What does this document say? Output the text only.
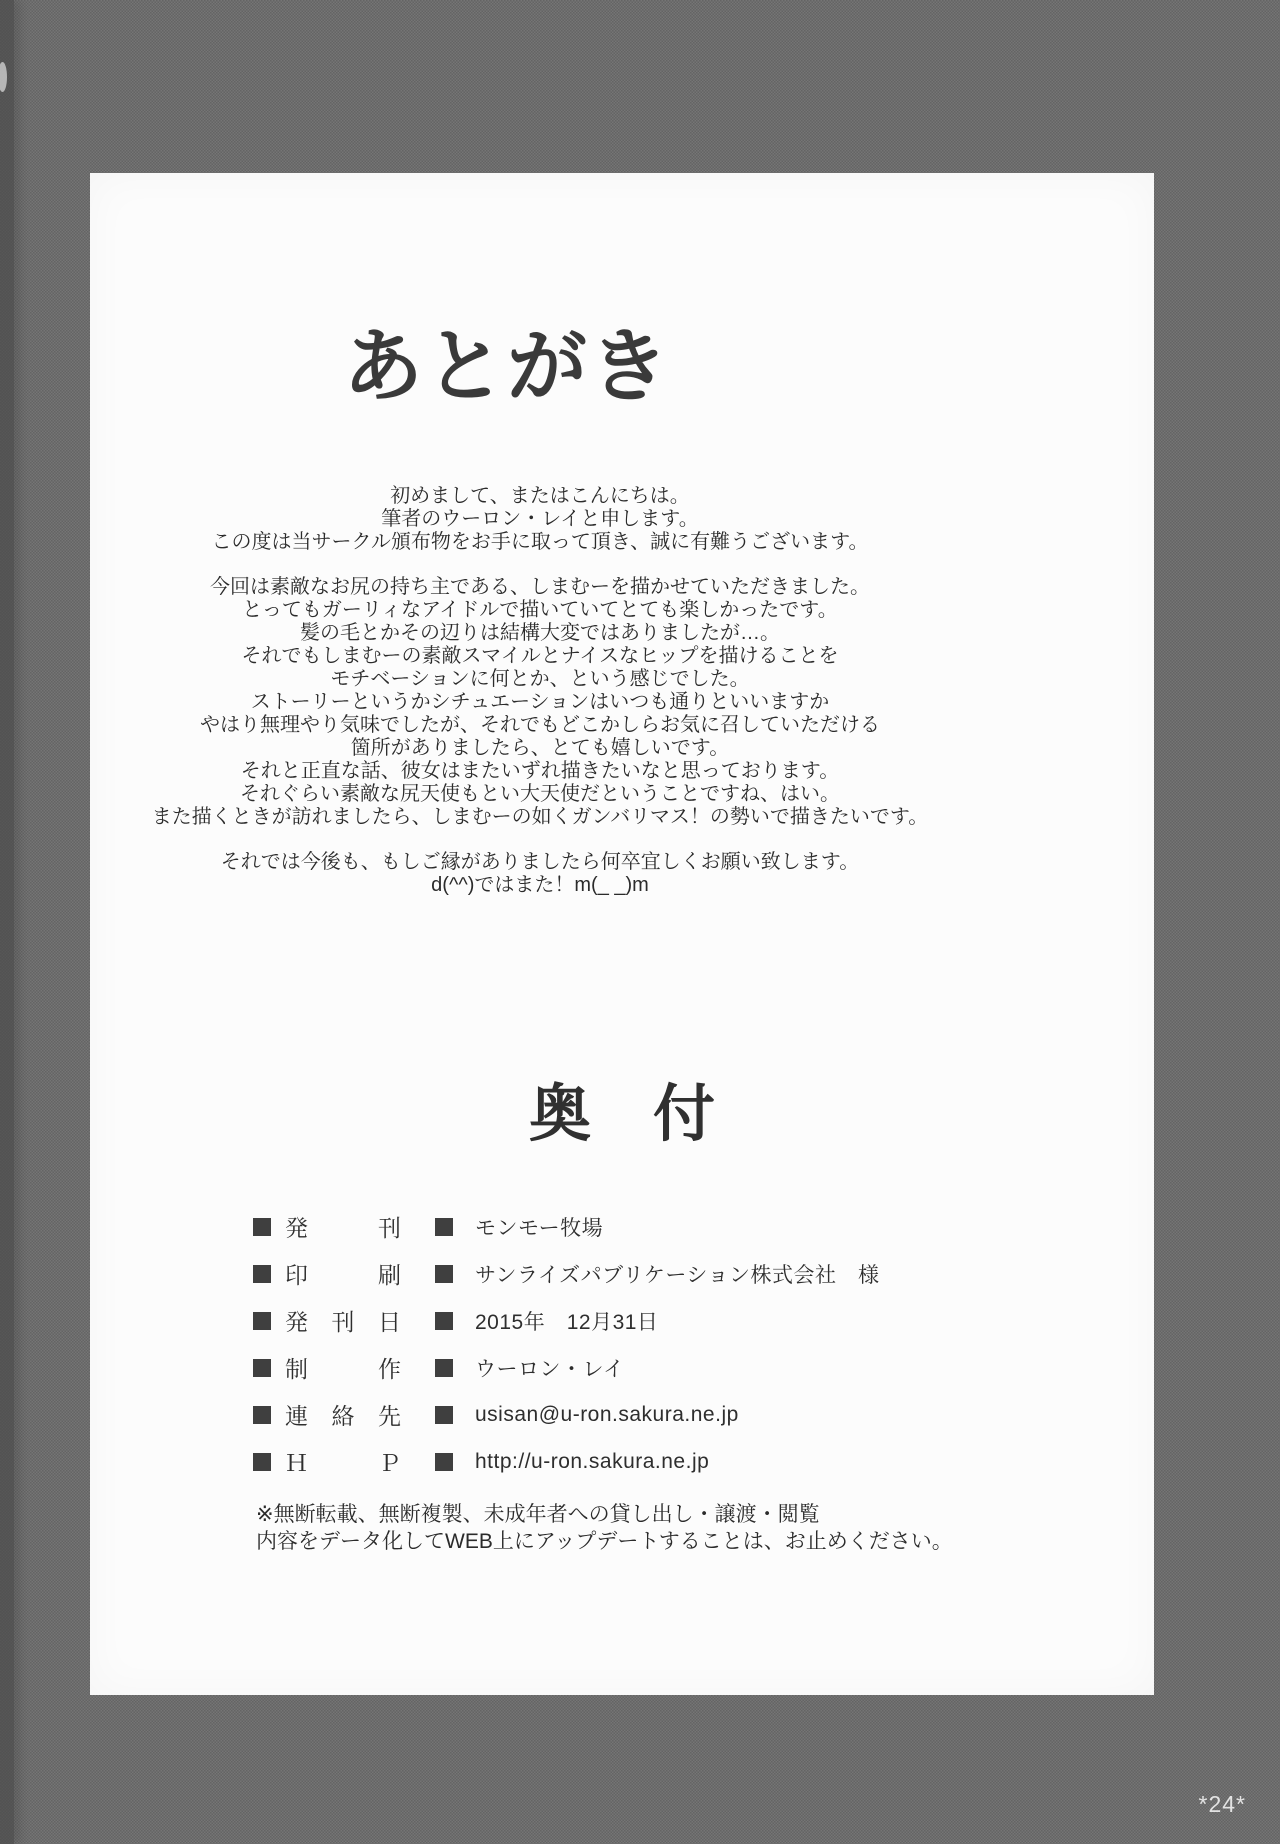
あとがき

初めまして、またはこんにちは。
筆者のウーロン・レイと申します。
この度は当サークル頒布物をお手に取って頂き、誠に有難うございます。

今回は素敵なお尻の持ち主である、しまむーを描かせていただきました。
とってもガーリィなアイドルで描いていてとても楽しかったです。
髪の毛とかその辺りは結構大変ではありましたが…。
それでもしまむーの素敵スマイルとナイスなヒップを描けることを
モチベーションに何とか、という感じでした。
ストーリーというかシチュエーションはいつも通りといいますか
やはり無理やり気味でしたが、それでもどこかしらお気に召していただける
箇所がありましたら、とても嬉しいです。
それと正直な話、彼女はまたいずれ描きたいなと思っております。
それぐらい素敵な尻天使もとい大天使だということですね、はい。
また描くときが訪れましたら、しまむーの如くガンバリマス！の勢いで描きたいです。

それでは今後も、もしご縁がありましたら何卒宜しくお願い致します。
d(^^)ではまた！m(_ _)m

奥　付
発刊	モンモー牧場
印刷	サンライズパブリケーション株式会社　様
発刊日	2015年　12月31日
制作	ウーロン・レイ
連絡先	usisan@u-ron.sakura.ne.jp
ＨＰ	http://u-ron.sakura.ne.jp
※無断転載、無断複製、未成年者への貸し出し・譲渡・閲覧
内容をデータ化してWEB上にアップデートすることは、お止めください。
*24*
